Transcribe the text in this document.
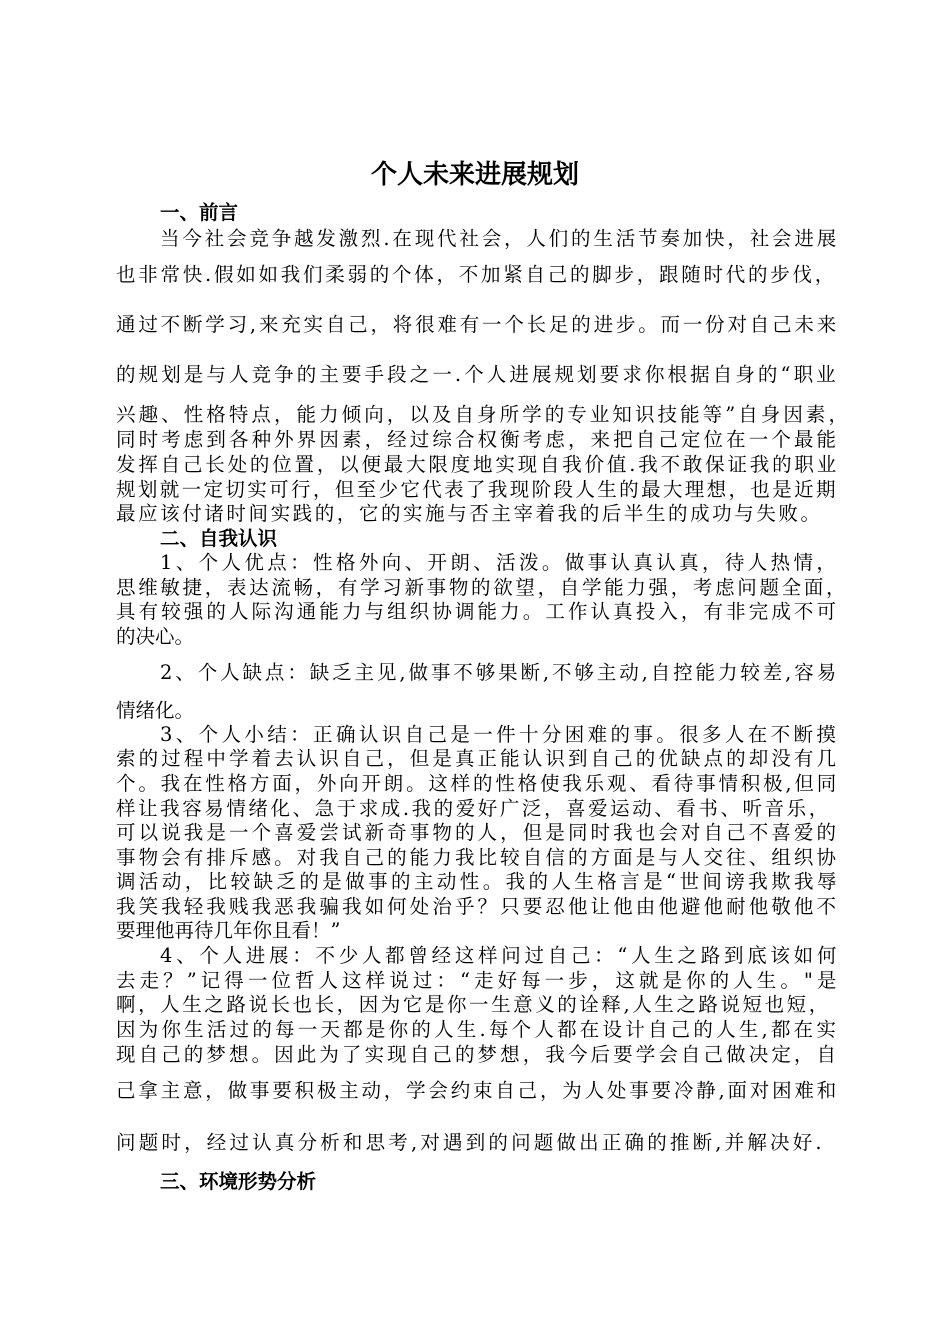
个人未来进展规划
一、前言
当今社会竞争越发激烈.在现代社会，人们的生活节奏加快，社会进展
也非常快.假如如我们柔弱的个体，不加紧自己的脚步，跟随时代的步伐，
通过不断学习,来充实自己，将很难有一个长足的进步。而一份对自己未来
的规划是与人竞争的主要手段之一.个人进展规划要求你根据自身的“职业
兴趣、性格特点，能力倾向，以及自身所学的专业知识技能等”自身因素，
同时考虑到各种外界因素，经过综合权衡考虑，来把自己定位在一个最能
发挥自己长处的位置，以便最大限度地实现自我价值.我不敢保证我的职业
规划就一定切实可行，但至少它代表了我现阶段人生的最大理想，也是近期
最应该付诸时间实践的，它的实施与否主宰着我的后半生的成功与失败。
二、自我认识
1、个人优点：性格外向、开朗、活泼。做事认真认真，待人热情，
思维敏捷，表达流畅，有学习新事物的欲望，自学能力强，考虑问题全面，
具有较强的人际沟通能力与组织协调能力。工作认真投入，有非完成不可
的决心。
2、个人缺点：缺乏主见,做事不够果断,不够主动,自控能力较差,容易
情绪化。
3、个人小结：正确认识自己是一件十分困难的事。很多人在不断摸
索的过程中学着去认识自己，但是真正能认识到自己的优缺点的却没有几
个。我在性格方面，外向开朗。这样的性格使我乐观、看待事情积极,但同
样让我容易情绪化、急于求成.我的爱好广泛，喜爱运动、看书、听音乐，
可以说我是一个喜爱尝试新奇事物的人，但是同时我也会对自己不喜爱的
事物会有排斥感。对我自己的能力我比较自信的方面是与人交往、组织协
调活动，比较缺乏的是做事的主动性。我的人生格言是“世间谤我欺我辱
我笑我轻我贱我恶我骗我如何处治乎？只要忍他让他由他避他耐他敬他不
要理他再待几年你且看！”
4、个人进展：不少人都曾经这样问过自己：“人生之路到底该如何
去走？”记得一位哲人这样说过：“走好每一步，这就是你的人生。"是
啊，人生之路说长也长，因为它是你一生意义的诠释,人生之路说短也短，
因为你生活过的每一天都是你的人生.每个人都在设计自己的人生,都在实
现自己的梦想。因此为了实现自己的梦想，我今后要学会自己做决定，自
己拿主意，做事要积极主动，学会约束自己，为人处事要冷静,面对困难和
问题时，经过认真分析和思考,对遇到的问题做出正确的推断,并解决好.
三、环境形势分析
